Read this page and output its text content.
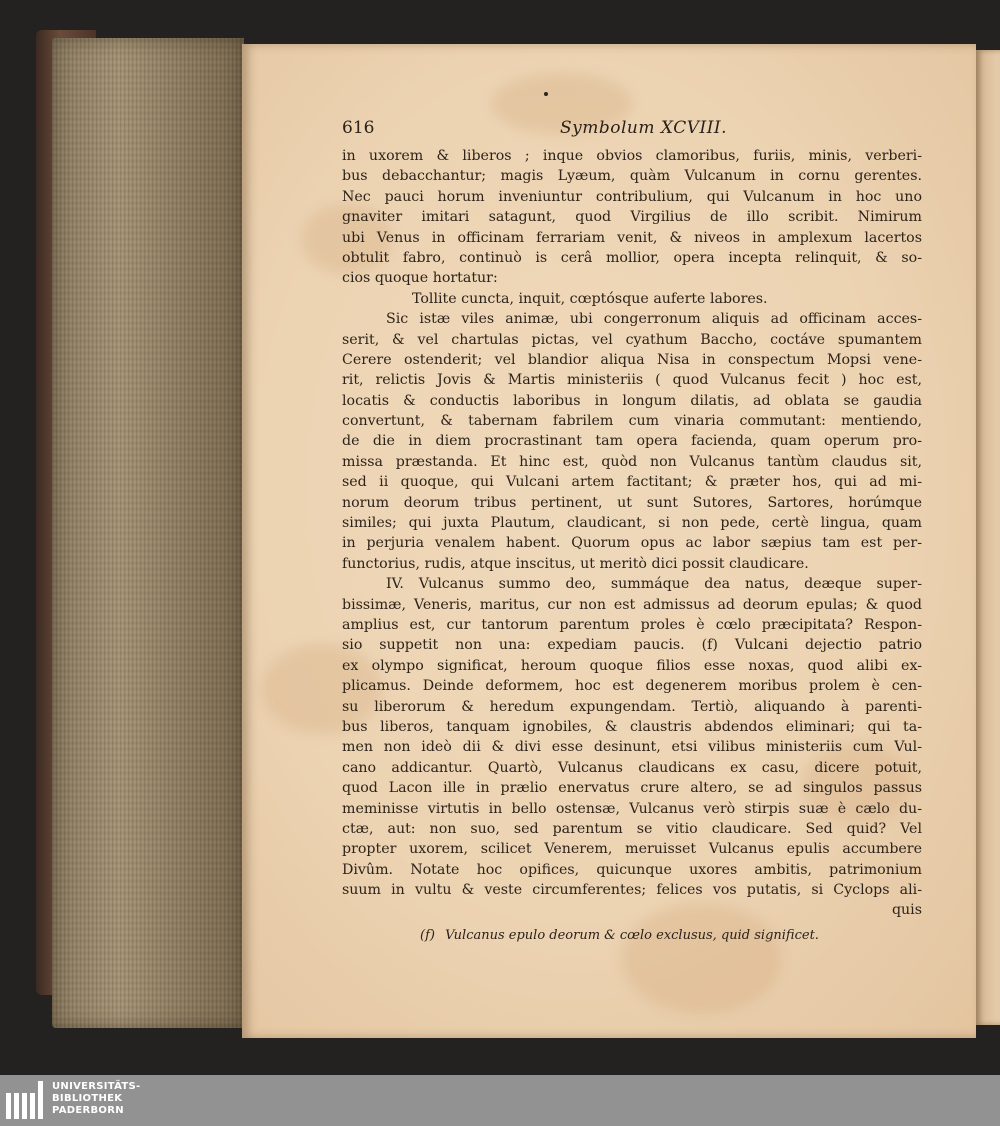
616	Symbolum XCVIII.
in uxorem & liberos ; inque obvios clamoribus, furiis, minis, verberi-
bus debacchantur; magis Lyæum, quàm Vulcanum in cornu gerentes.
Nec pauci horum inveniuntur contribulium, qui Vulcanum in hoc uno
gnaviter imitari satagunt, quod Virgilius de illo scribit. Nimirum
ubi Venus in officinam ferrariam venit, & niveos in amplexum lacertos
obtulit fabro, continuò is cerâ mollior, opera incepta relinquit, & so-
cios quoque hortatur:
Tollite cuncta, inquit, cœptósque auferte labores.
Sic istæ viles animæ, ubi congerronum aliquis ad officinam acces-
serit, & vel chartulas pictas, vel cyathum Baccho, coctáve spumantem
Cerere ostenderit; vel blandior aliqua Nisa in conspectum Mopsi vene-
rit, relictis Jovis & Martis ministeriis ( quod Vulcanus fecit ) hoc est,
locatis & conductis laboribus in longum dilatis, ad oblata se gaudia
convertunt, & tabernam fabrilem cum vinaria commutant: mentiendo,
de die in diem procrastinant tam opera facienda, quam operum pro-
missa præstanda. Et hinc est, quòd non Vulcanus tantùm claudus sit,
sed ii quoque, qui Vulcani artem factitant; & præter hos, qui ad mi-
norum deorum tribus pertinent, ut sunt Sutores, Sartores, horúmque
similes; qui juxta Plautum, claudicant, si non pede, certè lingua, quam
in perjuria venalem habent. Quorum opus ac labor sæpius tam est per-
functorius, rudis, atque inscitus, ut meritò dici possit claudicare.
IV. Vulcanus summo deo, summáque dea natus, deæque super-
bissimæ, Veneris, maritus, cur non est admissus ad deorum epulas; & quod
amplius est, cur tantorum parentum proles è cœlo præcipitata? Respon-
sio suppetit non una: expediam paucis. (f) Vulcani dejectio patrio
ex olympo significat, heroum quoque filios esse noxas, quod alibi ex-
plicamus. Deinde deformem, hoc est degenerem moribus prolem è cen-
su liberorum & heredum expungendam. Tertiò, aliquando à parenti-
bus liberos, tanquam ignobiles, & claustris abdendos eliminari; qui ta-
men non ideò dii & divi esse desinunt, etsi vilibus ministeriis cum Vul-
cano addicantur. Quartò, Vulcanus claudicans ex casu, dicere potuit,
quod Lacon ille in prælio enervatus crure altero, se ad singulos passus
meminisse virtutis in bello ostensæ, Vulcanus verò stirpis suæ è cælo du-
ctæ, aut: non suo, sed parentum se vitio claudicare. Sed quid? Vel
propter uxorem, scilicet Venerem, meruisset Vulcanus epulis accumbere
Divûm. Notate hoc opifices, quicunque uxores ambitis, patrimonium
suum in vultu & veste circumferentes; felices vos putatis, si Cyclops ali-
quis
(f) Vulcanus epulo deorum & cœlo exclusus, quid significet.
UNIVERSITÄTS-
BIBLIOTHEK
PADERBORN
